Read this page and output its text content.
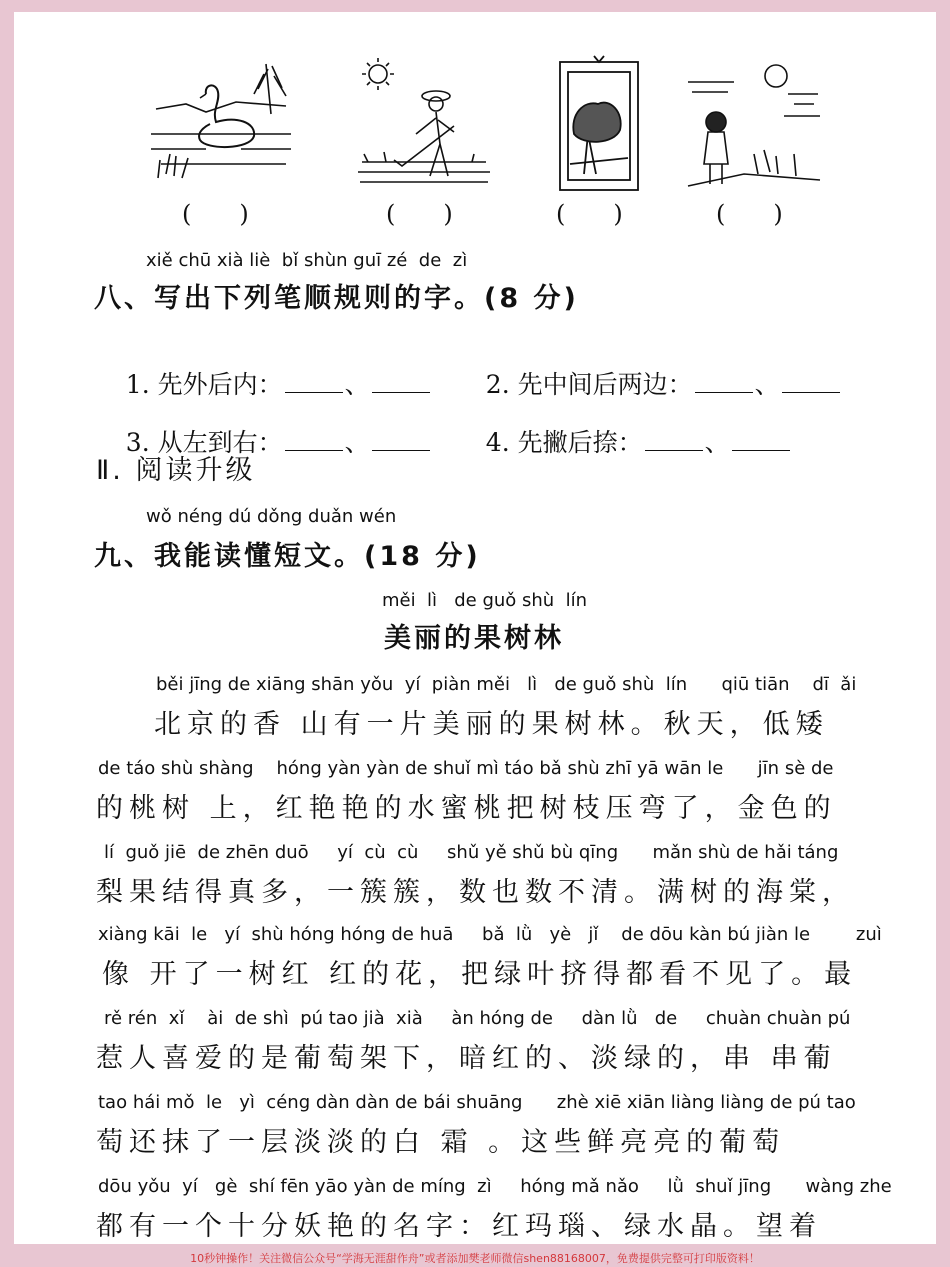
(　　)	(　　)	(　　)	(　　)
xiě chū xià liè  bǐ shùn guī zé  de  zì
八、写出下列笔顺规则的字。(8 分)

1. 先外后内： 、
	2. 先中间后两边： 、

3. 从左到右： 、
	4. 先撇后捺： 、

Ⅱ. 阅读升级
wǒ néng dú dǒng duǎn wén
九、我能读懂短文。(18 分)
měi  lì   de guǒ shù  lín
美丽的果树林
běi jīng de xiāng shān yǒu  yí  piàn měi   lì   de guǒ shù  lín      qiū tiān    dī  ǎi
北京的香 山有一片美丽的果树林。秋天，低矮
de táo shù shàng    hóng yàn yàn de shuǐ mì táo bǎ shù zhī yā wān le      jīn sè de
的桃树 上，红艳艳的水蜜桃把树枝压弯了，金色的
lí  guǒ jiē  de zhēn duō     yí  cù  cù     shǔ yě shǔ bù qīng      mǎn shù de hǎi táng
梨果结得真多，一簇簇，数也数不清。满树的海棠，
xiàng kāi  le   yí  shù hóng hóng de huā     bǎ  lǜ   yè   jǐ    de dōu kàn bú jiàn le        zuì
像 开了一树红 红的花，把绿叶挤得都看不见了。最
rě rén  xǐ    ài  de shì  pú tao jià  xià     àn hóng de     dàn lǜ   de     chuàn chuàn pú
惹人喜爱的是葡萄架下，暗红的、淡绿的，串 串葡
tao hái mǒ  le   yì  céng dàn dàn de bái shuāng      zhè xiē xiān liàng liàng de pú tao
萄还抹了一层淡淡的白 霜 。这些鲜亮亮的葡萄
dōu yǒu  yí   gè  shí fēn yāo yàn de míng  zì     hóng mǎ nǎo     lǜ  shuǐ jīng      wàng zhe
都有一个十分妖艳的名字：红玛瑙、绿水晶。望着
10秒钟操作！关注微信公众号“学海无涯甜作舟”或者添加樊老师微信shen88168007，免费提供完整可打印版资料！
